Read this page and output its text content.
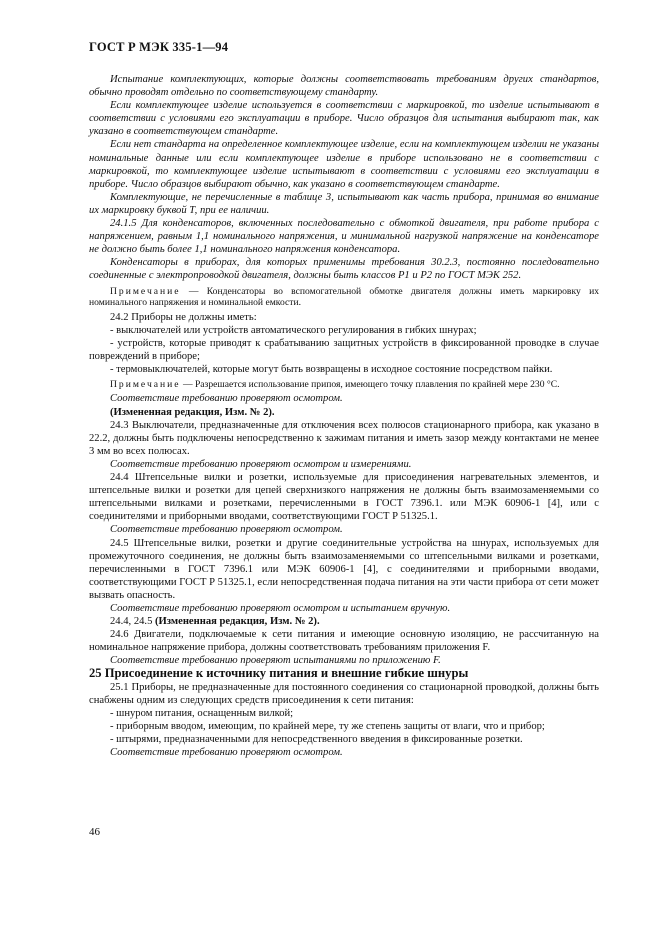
ГОСТ Р МЭК 335-1—94

Испытание комплектующих, которые должны соответствовать требованиям других стандартов, обычно проводят отдельно по соответствующему стандарту.

Если комплектующее изделие используется в соответствии с маркировкой, то изделие испытывают в соответствии с условиями его эксплуатации в приборе. Число образцов для испытания выбирают так, как указано в соответствующем стандарте.

Если нет стандарта на определенное комплектующее изделие, если на комплектующем изделии не указаны номинальные данные или если комплектующее изделие в приборе использовано не в соответствии с маркировкой, то комплектующее изделие испытывают в соответствии с условиями его эксплуатации в приборе. Число образцов выбирают обычно, как указано в соответствующем стандарте.

Комплектующие, не перечисленные в таблице 3, испытывают как часть прибора, принимая во внимание их маркировку буквой Т, при ее наличии.

24.1.5 Для конденсаторов, включенных последовательно с обмоткой двигателя, при работе прибора с напряжением, равным 1,1 номинального напряжения, и минимальной нагрузкой напряжение на конденсаторе не должно быть более 1,1 номинального напряжения конденсатора.

Конденсаторы в приборах, для которых применимы требования 30.2.3, постоянно последовательно соединенные с электропроводкой двигателя, должны быть классов Р1 и Р2 по ГОСТ МЭК 252.

Примечание — Конденсаторы во вспомогательной обмотке двигателя должны иметь маркировку их номинального напряжения и номинальной емкости.

24.2 Приборы не должны иметь:

- выключателей или устройств автоматического регулирования в гибких шнурах;

- устройств, которые приводят к срабатыванию защитных устройств в фиксированной проводке в случае повреждений в приборе;

- термовыключателей, которые могут быть возвращены в исходное состояние посредством пайки.

Примечание — Разрешается использование припоя, имеющего точку плавления по крайней мере 230 °С.

Соответствие требованию проверяют осмотром.

(Измененная редакция, Изм. № 2).

24.3 Выключатели, предназначенные для отключения всех полюсов стационарного прибора, как указано в 22.2, должны быть подключены непосредственно к зажимам питания и иметь зазор между контактами не менее 3 мм во всех полюсах.

Соответствие требованию проверяют осмотром и измерениями.

24.4 Штепсельные вилки и розетки, используемые для присоединения нагревательных элементов, и штепсельные вилки и розетки для цепей сверхнизкого напряжения не должны быть взаимозаменяемыми со штепсельными вилками и розетками, перечисленными в ГОСТ 7396.1. или МЭК 60906-1 [4], или с соединителями и приборными вводами, соответствующими ГОСТ Р 51325.1.

Соответствие требованию проверяют осмотром.

24.5 Штепсельные вилки, розетки и другие соединительные устройства на шнурах, используемых для промежуточного соединения, не должны быть взаимозаменяемыми со штепсельными вилками и розетками, перечисленными в ГОСТ 7396.1 или МЭК 60906-1 [4], с соединителями и приборными вводами, соответствующими ГОСТ Р 51325.1, если непосредственная подача питания на эти части прибора от сети может вызвать опасность.

Соответствие требованию проверяют осмотром и испытанием вручную.

24.4, 24.5 (Измененная редакция, Изм. № 2).

24.6 Двигатели, подключаемые к сети питания и имеющие основную изоляцию, не рассчитанную на номинальное напряжение прибора, должны соответствовать требованиям приложения F.

Соответствие требованию проверяют испытаниями по приложению F.

25 Присоединение к источнику питания и внешние гибкие шнуры

25.1 Приборы, не предназначенные для постоянного соединения со стационарной проводкой, должны быть снабжены одним из следующих средств присоединения к сети питания:

- шнуром питания, оснащенным вилкой;

- приборным вводом, имеющим, по крайней мере, ту же степень защиты от влаги, что и прибор;

- штырями, предназначенными для непосредственного введения в фиксированные розетки.

Соответствие требованию проверяют осмотром.

46
